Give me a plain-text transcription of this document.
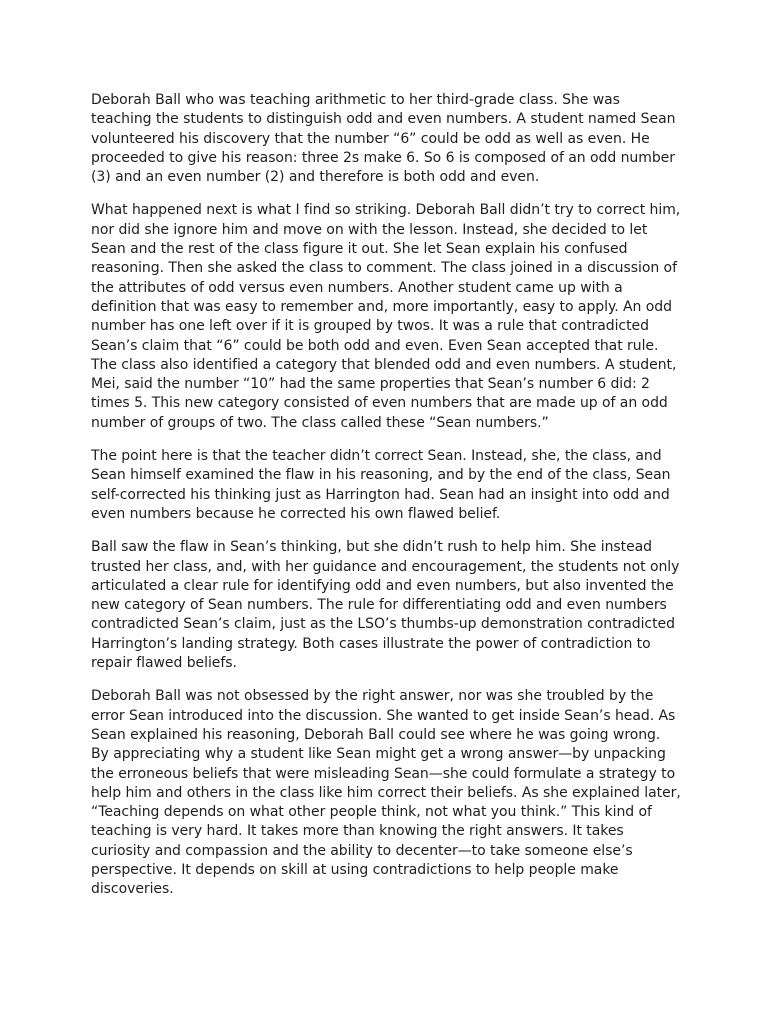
Deborah Ball who was teaching arithmetic to her third-grade class. She was
teaching the students to distinguish odd and even numbers. A student named Sean
volunteered his discovery that the number “6” could be odd as well as even. He
proceeded to give his reason: three 2s make 6. So 6 is composed of an odd number
(3) and an even number (2) and therefore is both odd and even.

What happened next is what I find so striking. Deborah Ball didn’t try to correct him,
nor did she ignore him and move on with the lesson. Instead, she decided to let
Sean and the rest of the class figure it out. She let Sean explain his confused
reasoning. Then she asked the class to comment. The class joined in a discussion of
the attributes of odd versus even numbers. Another student came up with a
definition that was easy to remember and, more importantly, easy to apply. An odd
number has one left over if it is grouped by twos. It was a rule that contradicted
Sean’s claim that “6” could be both odd and even. Even Sean accepted that rule.
The class also identified a category that blended odd and even numbers. A student,
Mei, said the number “10” had the same properties that Sean’s number 6 did: 2
times 5. This new category consisted of even numbers that are made up of an odd
number of groups of two. The class called these “Sean numbers.”

The point here is that the teacher didn’t correct Sean. Instead, she, the class, and
Sean himself examined the flaw in his reasoning, and by the end of the class, Sean
self-corrected his thinking just as Harrington had. Sean had an insight into odd and
even numbers because he corrected his own flawed belief.

Ball saw the flaw in Sean’s thinking, but she didn’t rush to help him. She instead
trusted her class, and, with her guidance and encouragement, the students not only
articulated a clear rule for identifying odd and even numbers, but also invented the
new category of Sean numbers. The rule for differentiating odd and even numbers
contradicted Sean’s claim, just as the LSO’s thumbs-up demonstration contradicted
Harrington’s landing strategy. Both cases illustrate the power of contradiction to
repair flawed beliefs.

Deborah Ball was not obsessed by the right answer, nor was she troubled by the
error Sean introduced into the discussion. She wanted to get inside Sean’s head. As
Sean explained his reasoning, Deborah Ball could see where he was going wrong.
By appreciating why a student like Sean might get a wrong answer—by unpacking
the erroneous beliefs that were misleading Sean—she could formulate a strategy to
help him and others in the class like him correct their beliefs. As she explained later,
“Teaching depends on what other people think, not what you think.” This kind of
teaching is very hard. It takes more than knowing the right answers. It takes
curiosity and compassion and the ability to decenter—to take someone else’s
perspective. It depends on skill at using contradictions to help people make
discoveries.
